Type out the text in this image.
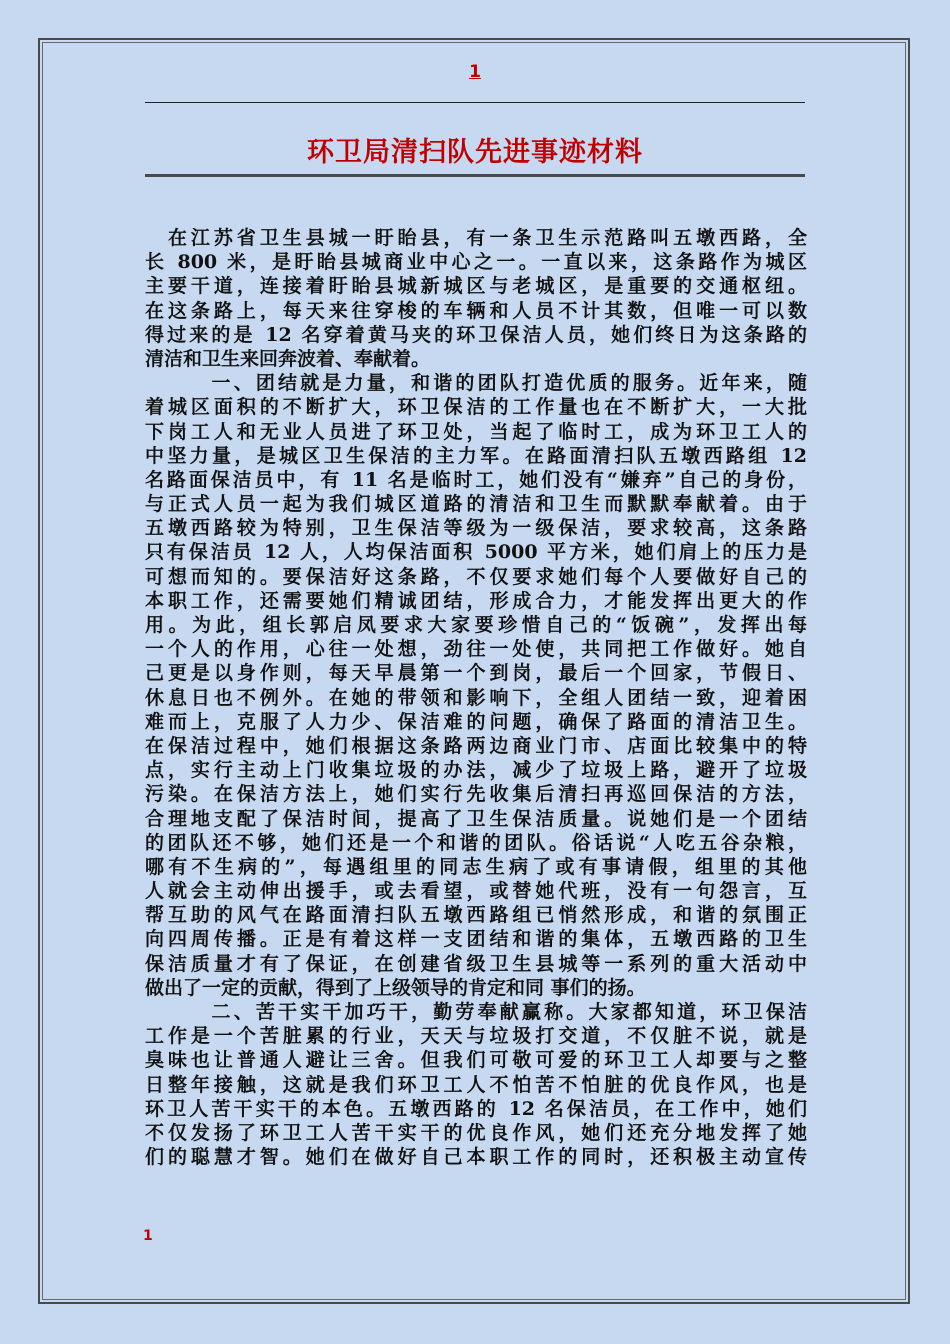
1
环卫局清扫队先进事迹材料
　在江苏省卫生县城一盱眙县，有一条卫生示范路叫五墩西路，全
长 800 米，是盱眙县城商业中心之一。一直以来，这条路作为城区
主要干道，连接着盱眙县城新城区与老城区，是重要的交通枢纽。
在这条路上，每天来往穿梭的车辆和人员不计其数，但唯一可以数
得过来的是 12 名穿着黄马夹的环卫保洁人员，她们终日为这条路的
清洁和卫生来回奔波着、奉献着。
　　　一、团结就是力量，和谐的团队打造优质的服务。近年来，随
着城区面积的不断扩大，环卫保洁的工作量也在不断扩大，一大批
下岗工人和无业人员进了环卫处，当起了临时工，成为环卫工人的
中坚力量，是城区卫生保洁的主力军。在路面清扫队五墩西路组 12
名路面保洁员中，有 11 名是临时工，她们没有“嫌弃”自己的身份，
与正式人员一起为我们城区道路的清洁和卫生而默默奉献着。由于
五墩西路较为特别，卫生保洁等级为一级保洁，要求较高，这条路
只有保洁员 12 人，人均保洁面积 5000 平方米，她们肩上的压力是
可想而知的。要保洁好这条路，不仅要求她们每个人要做好自己的
本职工作，还需要她们精诚团结，形成合力，才能发挥出更大的作
用。为此，组长郭启凤要求大家要珍惜自己的“饭碗”，发挥出每
一个人的作用，心往一处想，劲往一处使，共同把工作做好。她自
己更是以身作则，每天早晨第一个到岗，最后一个回家，节假日、
休息日也不例外。在她的带领和影响下，全组人团结一致，迎着困
难而上，克服了人力少、保洁难的问题，确保了路面的清洁卫生。
在保洁过程中，她们根据这条路两边商业门市、店面比较集中的特
点，实行主动上门收集垃圾的办法，减少了垃圾上路，避开了垃圾
污染。在保洁方法上，她们实行先收集后清扫再巡回保洁的方法，
合理地支配了保洁时间，提高了卫生保洁质量。说她们是一个团结
的团队还不够，她们还是一个和谐的团队。俗话说“人吃五谷杂粮，
哪有不生病的”，每遇组里的同志生病了或有事请假，组里的其他
人就会主动伸出援手，或去看望，或替她代班，没有一句怨言，互
帮互助的风气在路面清扫队五墩西路组已悄然形成，和谐的氛围正
向四周传播。正是有着这样一支团结和谐的集体，五墩西路的卫生
保洁质量才有了保证，在创建省级卫生县城等一系列的重大活动中
做出了一定的贡献，得到了上级领导的肯定和同 事们的扬。
　　　二、苦干实干加巧干，勤劳奉献赢称。大家都知道，环卫保洁
工作是一个苦脏累的行业，天天与垃圾打交道，不仅脏不说，就是
臭味也让普通人避让三舍。但我们可敬可爱的环卫工人却要与之整
日整年接触，这就是我们环卫工人不怕苦不怕脏的优良作风，也是
环卫人苦干实干的本色。五墩西路的 12 名保洁员，在工作中，她们
不仅发扬了环卫工人苦干实干的优良作风，她们还充分地发挥了她
们的聪慧才智。她们在做好自己本职工作的同时，还积极主动宣传
1
